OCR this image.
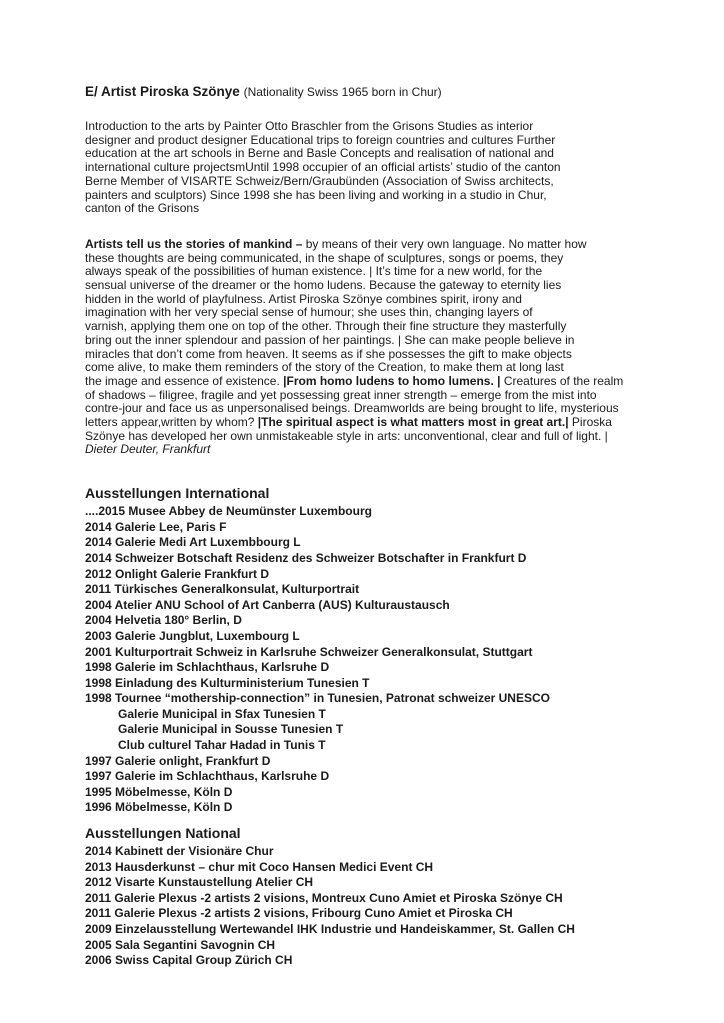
E/ Artist Piroska Szönye (Nationality Swiss 1965 born in Chur)
Introduction to the arts by Painter Otto Braschler from the Grisons Studies as interior
designer and product designer Educational trips to foreign countries and cultures Further
education at the art schools in Berne and Basle Concepts and realisation of national and
international culture projectsmUntil 1998 occupier of an official artists’ studio of the canton
Berne Member of VISARTE Schweiz/Bern/Graubünden (Association of Swiss architects,
painters and sculptors) Since 1998 she has been living and working in a studio in Chur,
canton of the Grisons
Artists tell us the stories of mankind – by means of their very own language. No matter how
these thoughts are being communicated, in the shape of sculptures, songs or poems, they
always speak of the possibilities of human existence. | It’s time for a new world, for the
sensual universe of the dreamer or the homo ludens. Because the gateway to eternity lies
hidden in the world of playfulness. Artist Piroska Szönye combines spirit, irony and
imagination with her very special sense of humour; she uses thin, changing layers of
varnish, applying them one on top of the other. Through their fine structure they masterfully
bring out the inner splendour and passion of her paintings. | She can make people believe in
miracles that don’t come from heaven. It seems as if she possesses the gift to make objects
come alive, to make them reminders of the story of the Creation, to make them at long last
the image and essence of existence. |From homo ludens to homo lumens. | Creatures of the realm
of shadows – filigree, fragile and yet possessing great inner strength – emerge from the mist into
contre-jour and face us as unpersonalised beings. Dreamworlds are being brought to life, mysterious
letters appear,written by whom? |The spiritual aspect is what matters most in great art.| Piroska
Szönye has developed her own unmistakeable style in arts: unconventional, clear and full of light. |
Dieter Deuter, Frankfurt
Ausstellungen International
....2015 Musee Abbey de Neumünster Luxembourg
2014 Galerie Lee, Paris F
2014 Galerie Medi Art Luxembbourg L
2014 Schweizer Botschaft Residenz des Schweizer Botschafter in Frankfurt D
2012 Onlight Galerie Frankfurt D
2011 Türkisches Generalkonsulat, Kulturportrait
2004 Atelier ANU School of Art Canberra (AUS) Kulturaustausch
2004 Helvetia 180° Berlin, D
2003 Galerie Jungblut, Luxembourg L
2001 Kulturportrait Schweiz in Karlsruhe Schweizer Generalkonsulat, Stuttgart
1998 Galerie im Schlachthaus, Karlsruhe D
1998 Einladung des Kulturministerium Tunesien T
1998 Tournee “mothership-connection” in Tunesien, Patronat schweizer UNESCO
Galerie Municipal in Sfax Tunesien T
Galerie Municipal in Sousse Tunesien T
Club culturel Tahar Hadad in Tunis T
1997 Galerie onlight, Frankfurt D
1997 Galerie im Schlachthaus, Karlsruhe D
1995 Möbelmesse, Köln D
1996 Möbelmesse, Köln D
Ausstellungen National
2014 Kabinett der Visionäre Chur
2013 Hausderkunst – chur mit Coco Hansen Medici Event CH
2012 Visarte Kunstaustellung Atelier CH
2011 Galerie Plexus -2 artists 2 visions, Montreux Cuno Amiet et Piroska Szönye CH
2011 Galerie Plexus -2 artists 2 visions, Fribourg Cuno Amiet et Piroska CH
2009 Einzelausstellung Wertewandel IHK Industrie und Handeiskammer, St. Gallen CH
2005 Sala Segantini Savognin CH
2006 Swiss Capital Group Zürich CH
